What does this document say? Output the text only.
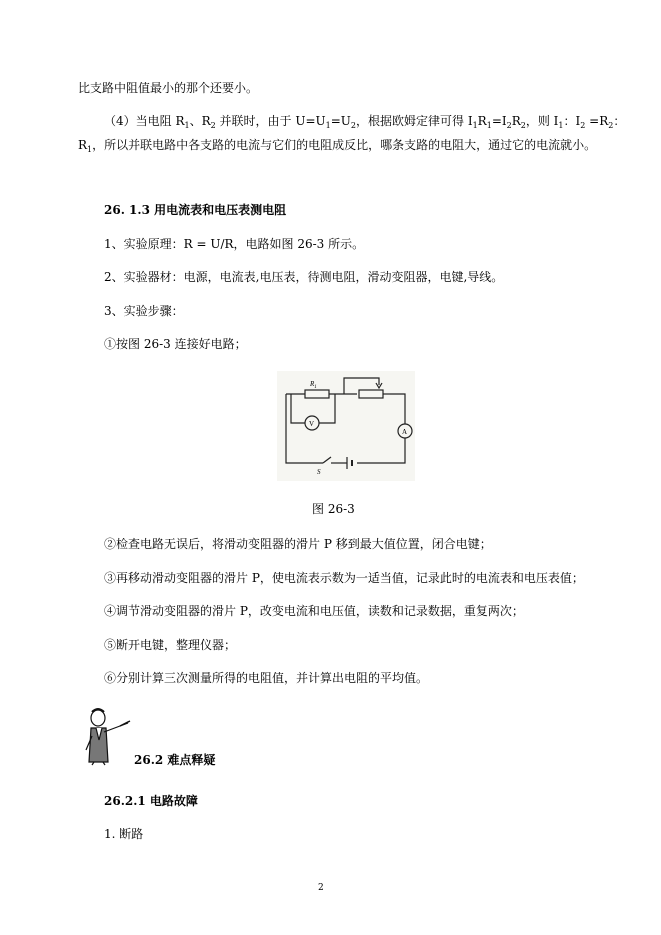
比支路中阻值最小的那个还要小。
（4）当电阻 $R_1$、$R_2$ 并联时，由于 $U=U_1=U_2$，根据欧姆定律可得 $I_1R_1=I_2R_2$，则 $I_1$：$I_2 =R_2$：
$R_1$，所以并联电路中各支路的电流与它们的电阻成反比，哪条支路的电阻大，通过它的电流就小。
26. 1.3 用电流表和电压表测电阻
1、实验原理：R = U/R，电路如图 26-3 所示。
2、实验器材：电源，电流表,电压表，待测电阻，滑动变阻器，电键,导线。
3、实验步骤：
①按图 26-3 连接好电路；
$R_1$
V
A
S
图 26-3
②检查电路无误后，将滑动变阻器的滑片 P 移到最大值位置，闭合电键；
③再移动滑动变阻器的滑片 P，使电流表示数为一适当值，记录此时的电流表和电压表值；
④调节滑动变阻器的滑片 P，改变电流和电压值，读数和记录数据，重复两次；
⑤断开电键，整理仪器；
⑥分别计算三次测量所得的电阻值，并计算出电阻的平均值。
26.2 难点释疑
26.2.1 电路故障
1. 断路
2
